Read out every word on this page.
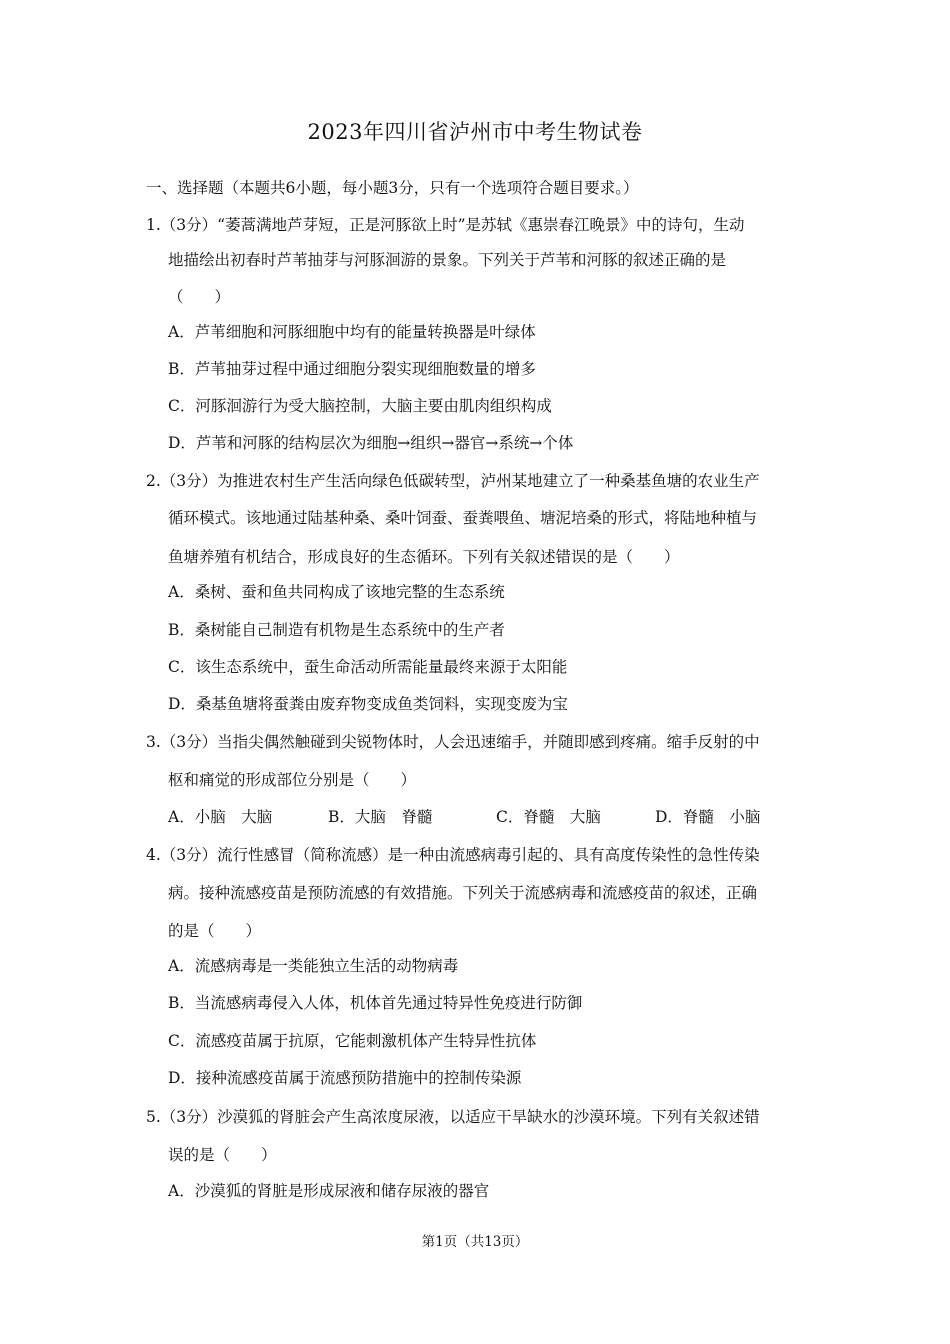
2023年四川省泸州市中考生物试卷
一、选择题（本题共6小题，每小题3分，只有一个选项符合题目要求。）
1.（3分）“萎蒿满地芦芽短，正是河豚欲上时”是苏轼《惠崇春江晚景》中的诗句，生动
地描绘出初春时芦苇抽芽与河豚洄游的景象。下列关于芦苇和河豚的叙述正确的是
（　　）
A．芦苇细胞和河豚细胞中均有的能量转换器是叶绿体
B．芦苇抽芽过程中通过细胞分裂实现细胞数量的增多
C．河豚洄游行为受大脑控制，大脑主要由肌肉组织构成
D．芦苇和河豚的结构层次为细胞→组织→器官→系统→个体
2.（3分）为推进农村生产生活向绿色低碳转型，泸州某地建立了一种桑基鱼塘的农业生产
循环模式。该地通过陆基种桑、桑叶饲蚕、蚕粪喂鱼、塘泥培桑的形式，将陆地种植与
鱼塘养殖有机结合，形成良好的生态循环。下列有关叙述错误的是（　　）
A．桑树、蚕和鱼共同构成了该地完整的生态系统
B．桑树能自己制造有机物是生态系统中的生产者
C．该生态系统中，蚕生命活动所需能量最终来源于太阳能
D．桑基鱼塘将蚕粪由废弃物变成鱼类饲料，实现变废为宝
3.（3分）当指尖偶然触碰到尖锐物体时，人会迅速缩手，并随即感到疼痛。缩手反射的中
枢和痛觉的形成部位分别是（　　）
A．小脑　大脑	B．大脑　脊髓	C．脊髓　大脑	D．脊髓　小脑
4.（3分）流行性感冒（简称流感）是一种由流感病毒引起的、具有高度传染性的急性传染
病。接种流感疫苗是预防流感的有效措施。下列关于流感病毒和流感疫苗的叙述，正确
的是（　　）
A．流感病毒是一类能独立生活的动物病毒
B．当流感病毒侵入人体，机体首先通过特异性免疫进行防御
C．流感疫苗属于抗原，它能刺激机体产生特异性抗体
D．接种流感疫苗属于流感预防措施中的控制传染源
5.（3分）沙漠狐的肾脏会产生高浓度尿液，以适应干旱缺水的沙漠环境。下列有关叙述错
误的是（　　）
A．沙漠狐的肾脏是形成尿液和储存尿液的器官
第1页（共13页）
